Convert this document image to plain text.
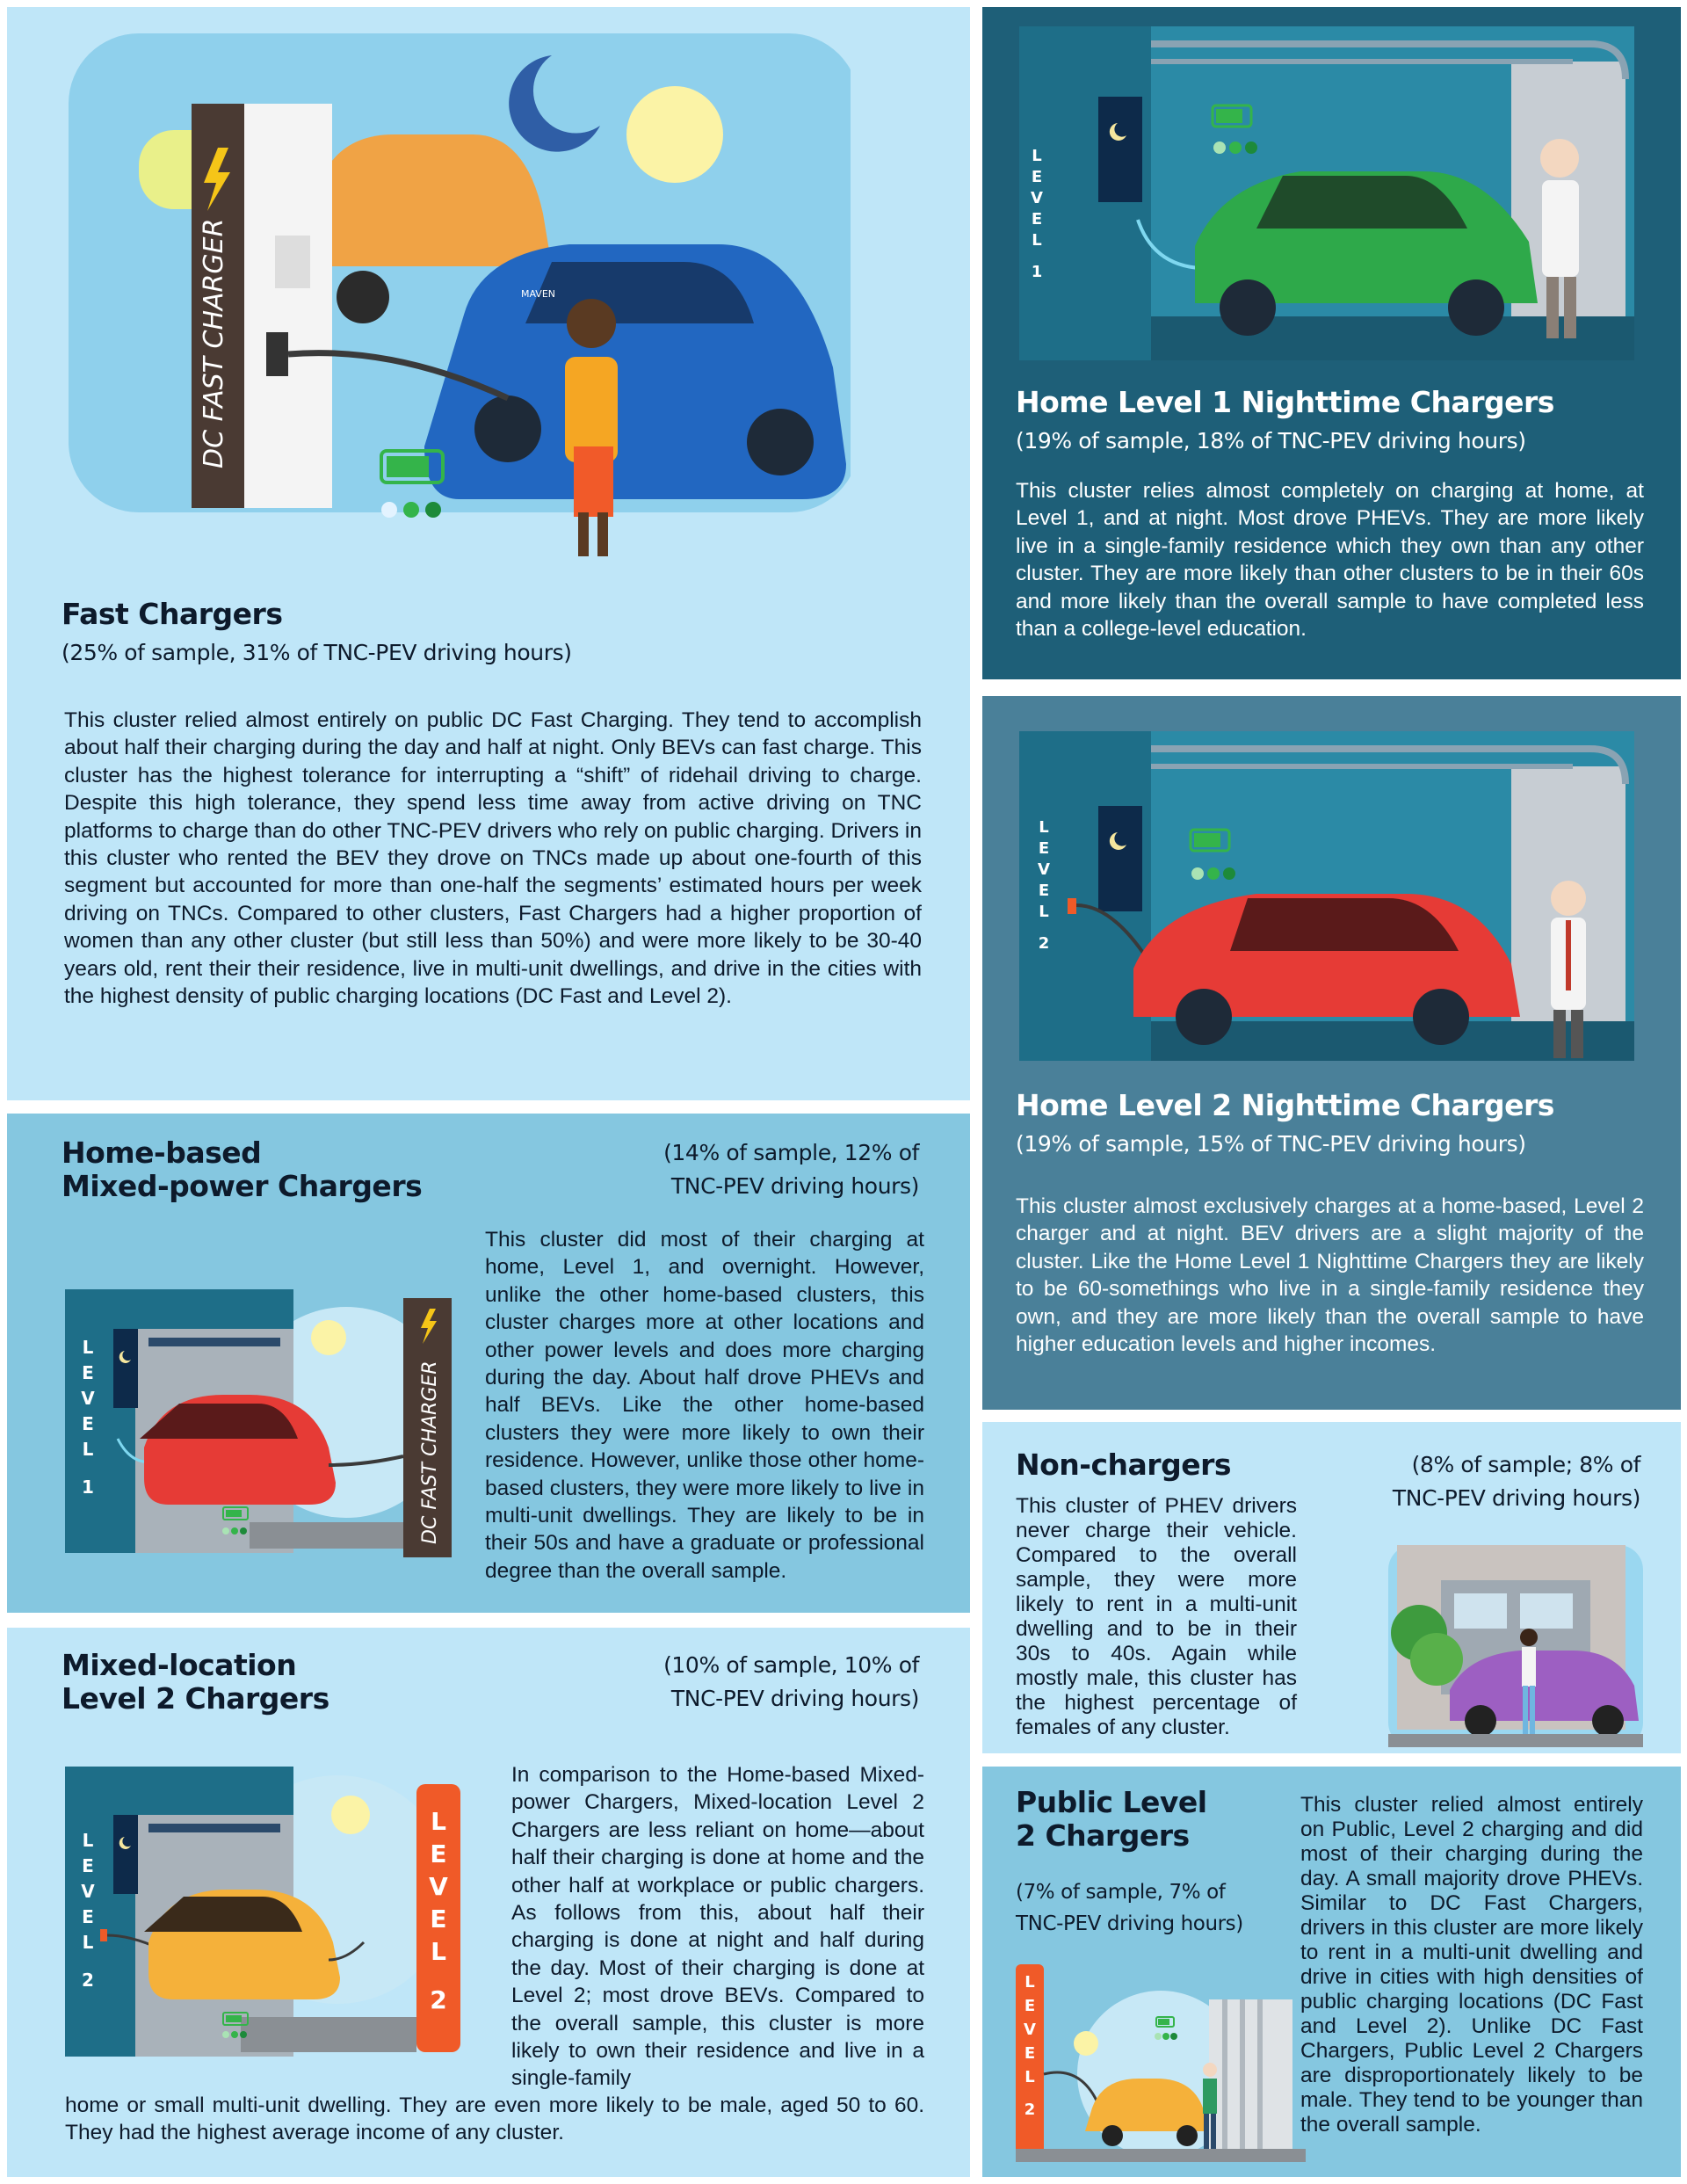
DC FAST CHARGER	MAVEN
Fast Chargers
(25% of sample, 31% of TNC-PEV driving hours)
This cluster relied almost entirely on public DC Fast Charging. They tend to accomplish about half their charging during the day and half at night. Only BEVs can fast charge. This cluster has the highest tolerance for interrupting a “shift” of ridehail driving to charge. Despite this high tolerance, they spend less time away from active driving on TNC platforms to charge than do other TNC-PEV drivers who rely on public charging. Drivers in this cluster who rented the BEV they drove on TNCs made up about one-fourth of this segment but accounted for more than one-half the segments’ estimated hours per week driving on TNCs. Compared to other clusters, Fast Chargers had a higher proportion of women than any other cluster (but still less than 50%) and were more likely to be 30-40 years old, rent their their residence, live in multi-unit dwellings, and drive in the cities with the highest density of public charging locations (DC Fast and Level 2).
L
E
V
E
L
1
Home Level 1 Nighttime Chargers
(19% of sample, 18% of TNC-PEV driving hours)
This cluster relies almost completely on charging at home, at Level 1, and at night. Most drove PHEVs. They are more likely live in a single-family residence which they own than any other cluster. They are more likely than other clusters to be in their 60s and more likely than the overall sample to have completed less than a college-level education.
L
E
V
E
L
2
Home Level 2 Nighttime Chargers
(19% of sample, 15% of TNC-PEV driving hours)
This cluster almost exclusively charges at a home-based, Level 2 charger and at night. BEV drivers are a slight majority of the cluster. Like the Home Level 1 Nighttime Chargers they are likely to be 60-somethings who live in a single-family residence they own, and they are more likely than the overall sample to have higher education levels and higher incomes.
Home-based
Mixed-power Chargers
(14% of sample, 12% of
TNC-PEV driving hours)
DC FAST CHARGER
L
E
V
E
L
1
This cluster did most of their charging at home, Level 1, and overnight. However, unlike the other home-based clusters, this cluster charges more at other locations and other power levels and does more charging during the day. About half drove PHEVs and half BEVs. Like the other home-based clusters they were more likely to own their residence. However, unlike those other home-based clusters, they were more likely to live in multi-unit dwellings. They are likely to be in their 50s and have a graduate or professional degree than the overall sample.
Mixed-location
Level 2 Chargers
(10% of sample, 10% of
TNC-PEV driving hours)
L
E
V
E
L
2
L
E
V
E
L
2
In comparison to the Home-based Mixed-power Chargers, Mixed-location Level 2 Chargers are less reliant on home—about half their charging is done at home and the other half at workplace or public chargers. As follows from this, about half their charging is done at night and half during the day. Most of their charging is done at Level 2; most drove BEVs. Compared to the overall sample, this cluster is more likely to own their residence and live in a single-family
home or small multi-unit dwelling. They are even more likely to be male, aged 50 to 60. They had the highest average income of any cluster.
Non-chargers	(8% of sample; 8% of
TNC-PEV driving hours)
This cluster of PHEV drivers never charge their vehicle. Compared to the overall sample, they were more likely to rent in a multi-unit dwelling and to be in their 30s to 40s. Again while mostly male, this cluster has the highest percentage of females of any cluster.
Public Level
2 Chargers
(7% of sample, 7% of
TNC-PEV driving hours)
L
E
V
E
L
2
This cluster relied almost entirely on Public, Level 2 charging and did most of their charging during the day. A small majority drove PHEVs. Similar to DC Fast Chargers, drivers in this cluster are more likely to rent in a multi-unit dwelling and drive in cities with high densities of public charging locations (DC Fast and Level 2). Unlike DC Fast Chargers, Public Level 2 Chargers are disproportionately likely to be male. They tend to be younger than the overall sample.
